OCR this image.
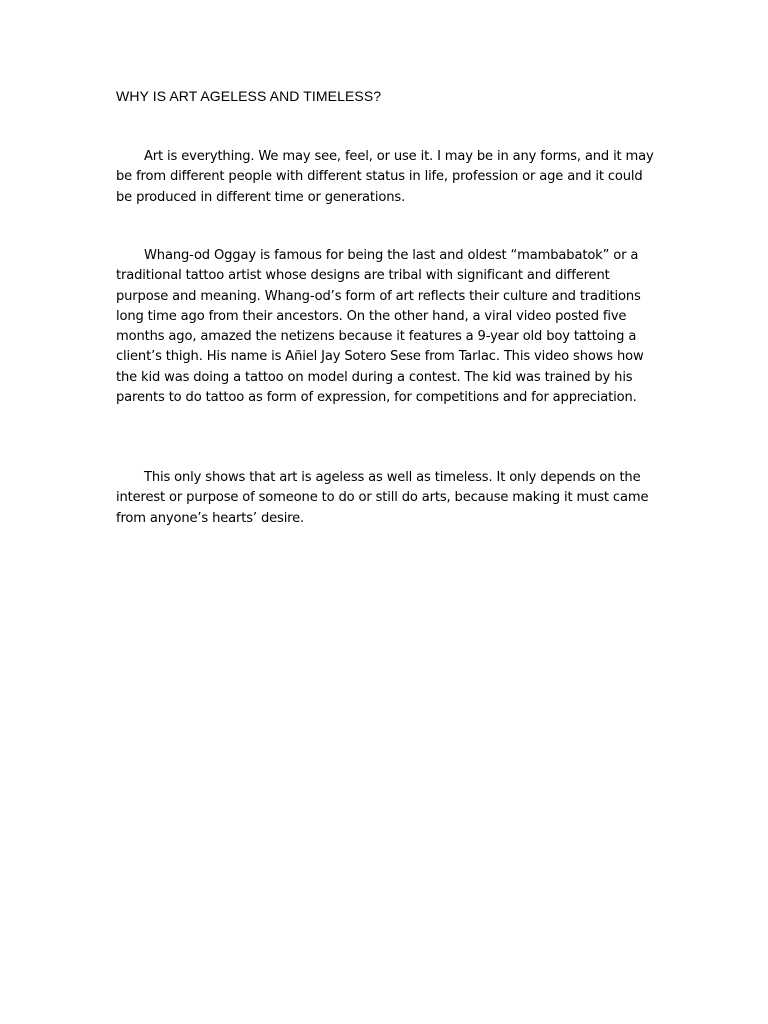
WHY IS ART AGELESS AND TIMELESS?

Art is everything. We may see, feel, or use it. I may be in any forms, and it may be from different people with different status in life, profession or age and it could be produced in different time or generations.

Whang-od Oggay is famous for being the last and oldest “mambabatok” or a traditional tattoo artist whose designs are tribal with significant and different purpose and meaning. Whang-od’s form of art reflects their culture and traditions long time ago from their ancestors. On the other hand, a viral video posted five months ago, amazed the netizens because it features a 9-year old boy tattoing a client’s thigh. His name is Añiel Jay Sotero Sese from Tarlac. This video shows how the kid was doing a tattoo on model during a contest. The kid was trained by his parents to do tattoo as form of expression, for competitions and for appreciation.

This only shows that art is ageless as well as timeless. It only depends on the interest or purpose of someone to do or still do arts, because making it must came from anyone’s hearts’ desire.
